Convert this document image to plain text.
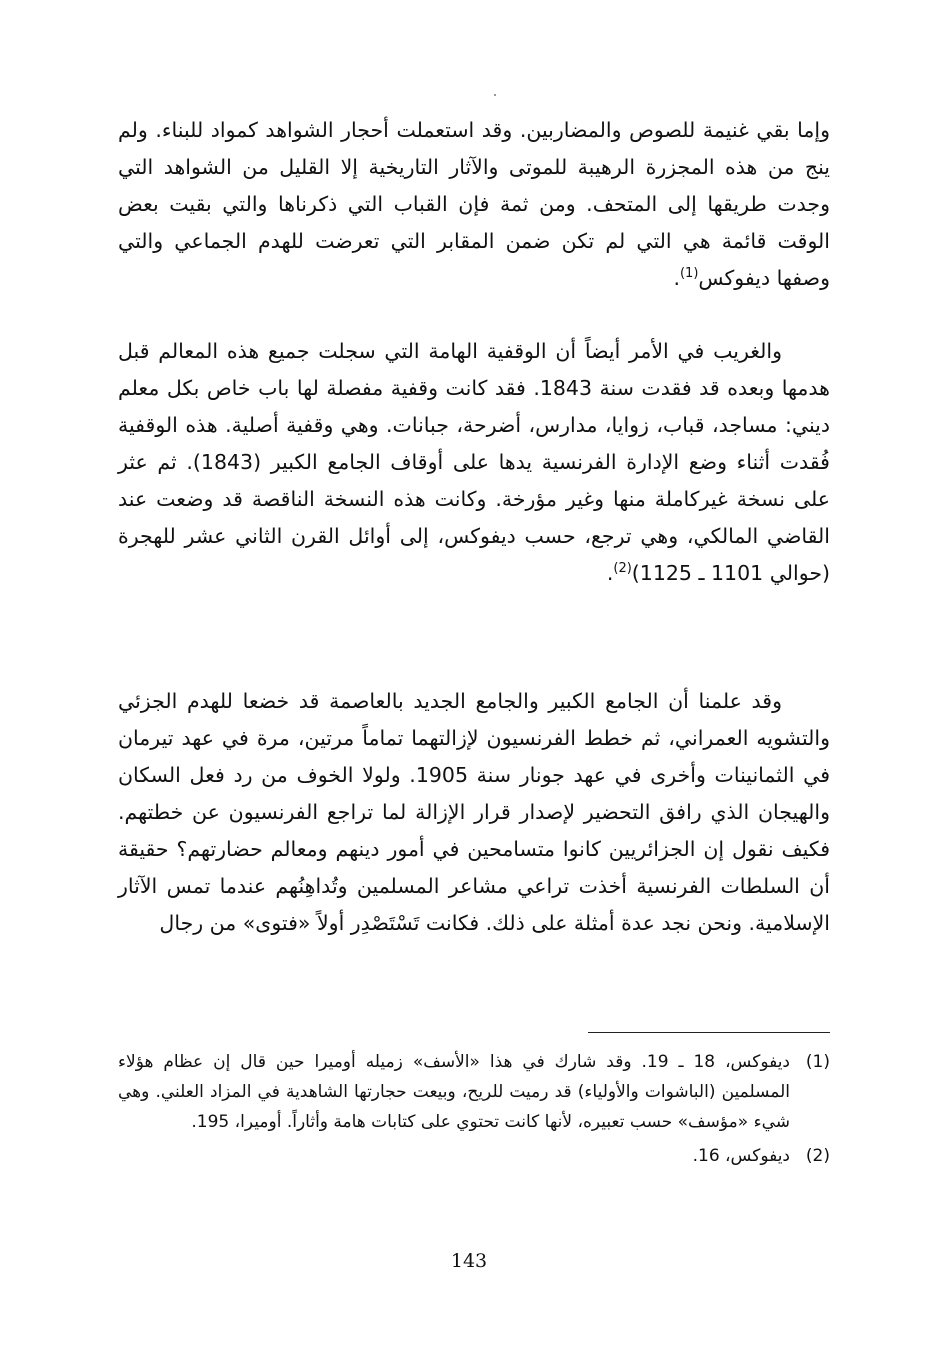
وإما بقي غنيمة للصوص والمضاربين. وقد استعملت أحجار الشواهد كمواد للبناء. ولم ينج من هذه المجزرة الرهيبة للموتى والآثار التاريخية إلا القليل من الشواهد التي وجدت طريقها إلى المتحف. ومن ثمة فإن القباب التي ذكرناها والتي بقيت بعض الوقت قائمة هي التي لم تكن ضمن المقابر التي تعرضت للهدم الجماعي والتي وصفها ديفوكس$^{(1)}$.

والغريب في الأمر أيضاً أن الوقفية الهامة التي سجلت جميع هذه المعالم قبل هدمها وبعده قد فقدت سنة 1843. فقد كانت وقفية مفصلة لها باب خاص بكل معلم ديني: مساجد، قباب، زوايا، مدارس، أضرحة، جبانات. وهي وقفية أصلية. هذه الوقفية فُقدت أثناء وضع الإدارة الفرنسية يدها على أوقاف الجامع الكبير (1843). ثم عثر على نسخة غيركاملة منها وغير مؤرخة. وكانت هذه النسخة الناقصة قد وضعت عند القاضي المالكي، وهي ترجع، حسب ديفوكس، إلى أوائل القرن الثاني عشر للهجرة (حوالي 1101 ـ 1125)$^{(2)}$.

وقد علمنا أن الجامع الكبير والجامع الجديد بالعاصمة قد خضعا للهدم الجزئي والتشويه العمراني، ثم خطط الفرنسيون لإزالتهما تماماً مرتين، مرة في عهد تيرمان في الثمانينات وأخرى في عهد جونار سنة 1905. ولولا الخوف من رد فعل السكان والهيجان الذي رافق التحضير لإصدار قرار الإزالة لما تراجع الفرنسيون عن خطتهم. فكيف نقول إن الجزائريين كانوا متسامحين في أمور دينهم ومعالم حضارتهم؟ حقيقة أن السلطات الفرنسية أخذت تراعي مشاعر المسلمين وتُداهِنُهم عندما تمس الآثار الإسلامية. ونحن نجد عدة أمثلة على ذلك. فكانت تَسْتَصْدِر أولاً «فتوى» من رجال

(1)
ديفوكس، 18 ـ 19. وقد شارك في هذا «الأسف» زميله أوميرا حين قال إن عظام هؤلاء المسلمين (الباشوات والأولياء) قد رميت للريح، وبيعت حجارتها الشاهدية في المزاد العلني. وهي شيء «مؤسف» حسب تعبيره، لأنها كانت تحتوي على كتابات هامة وأثاراً. أوميرا، 195.
(2)
ديفوكس، 16.
143
